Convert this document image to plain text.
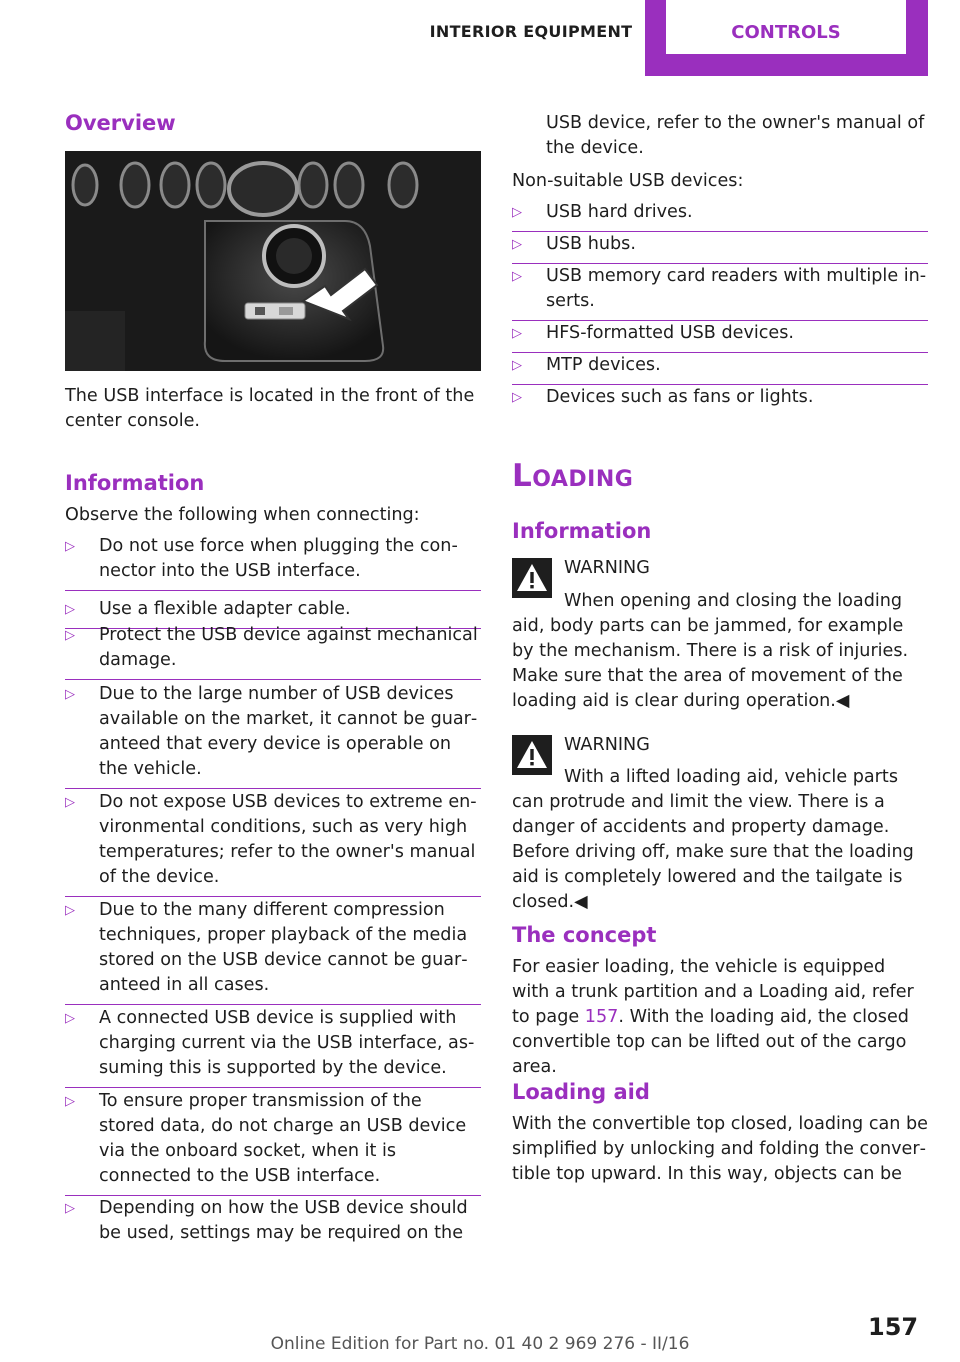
INTERIOR EQUIPMENT	CONTROLS
Overview
The USB interface is located in the front of the center console.
Information
Observe the following when connecting:
▷ Do not use force when plugging the connector into the USB interface.
▷ Use a flexible adapter cable.
▷ Protect the USB device against mechanical damage.
▷ Due to the large number of USB devices available on the market, it cannot be guaranteed that every device is operable on the vehicle.
▷ Do not expose USB devices to extreme environmental conditions, such as very high temperatures; refer to the owner's manual of the device.
▷ Due to the many different compression techniques, proper playback of the media stored on the USB device cannot be guaranteed in all cases.
▷ A connected USB device is supplied with charging current via the USB interface, assuming this is supported by the device.
▷ To ensure proper transmission of the stored data, do not charge an USB device via the onboard socket, when it is connected to the USB interface.
▷ Depending on how the USB device should be used, settings may be required on the
USB device, refer to the owner's manual of the device.
Non-suitable USB devices:
▷ USB hard drives.
▷ USB hubs.
▷ USB memory card readers with multiple inserts.
▷ HFS-formatted USB devices.
▷ MTP devices.
▷ Devices such as fans or lights.
Loading
Information
WARNING
When opening and closing the loading aid, body parts can be jammed, for example by the mechanism. There is a risk of injuries. Make sure that the area of movement of the loading aid is clear during operation.◀
WARNING
With a lifted loading aid, vehicle parts can protrude and limit the view. There is a danger of accidents and property damage. Before driving off, make sure that the loading aid is completely lowered and the tailgate is closed.◀
The concept
For easier loading, the vehicle is equipped with a trunk partition and a Loading aid, refer to page 157. With the loading aid, the closed convertible top can be lifted out of the cargo area.
Loading aid
With the convertible top closed, loading can be simplified by unlocking and folding the convertible top upward. In this way, objects can be
157
Online Edition for Part no. 01 40 2 969 276 - II/16
